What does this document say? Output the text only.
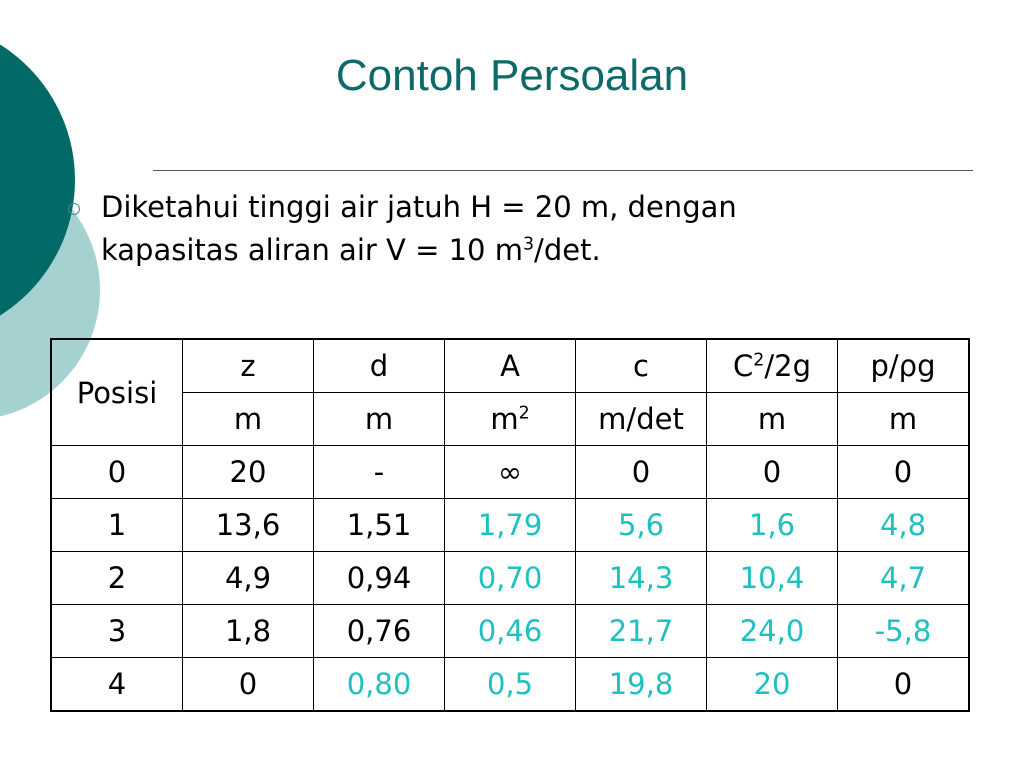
Contoh Persoalan
Diketahui tinggi air jatuh H = 20 m, dengan
kapasitas aliran air V = 10 $m^3/\det$.
Posisi	z	d	A	c	$C^2/2g$	p/ρg
	m	m	$m^2$	m/det	m	m
0	20	-	∞	0	0	0
1	13,6	1,51	1,79	5,6	1,6	4,8
2	4,9	0,94	0,70	14,3	10,4	4,7
3	1,8	0,76	0,46	21,7	24,0	-5,8
4	0	0,80	0,5	19,8	20	0
